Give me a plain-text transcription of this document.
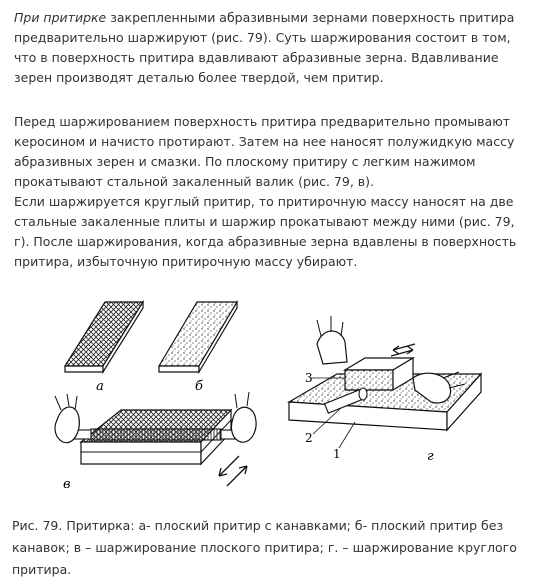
При притирке закрепленными абразивными зернами поверхность притира предварительно шаржируют (рис. 79). Суть шаржирования состоит в том, что в поверхность притира вдавливают абразивные зерна. Вдавливание зерен производят деталью более твердой, чем притир.

Перед шаржированием поверхность притира предварительно промывают керосином и начисто протирают. Затем на нее наносят полужидкую массу абразивных зерен и смазки. По плоскому притиру с легким нажимом прокатывают стальной закаленный валик (рис. 79, в).
Если шаржируется круглый притир, то притирочную массу наносят на две стальные закаленные плиты и шаржир прокатывают между ними (рис. 79, г). После шаржирования, когда абразивные зерна вдавлены в поверхность притира, избыточную притирочную массу убирают.

а	б
в
3
2
1	г

Рис. 79. Притирка: а- плоский притир с канавками; б- плоский притир без канавок; в – шаржирование плоского притира; г. – шаржирование круглого притира.
